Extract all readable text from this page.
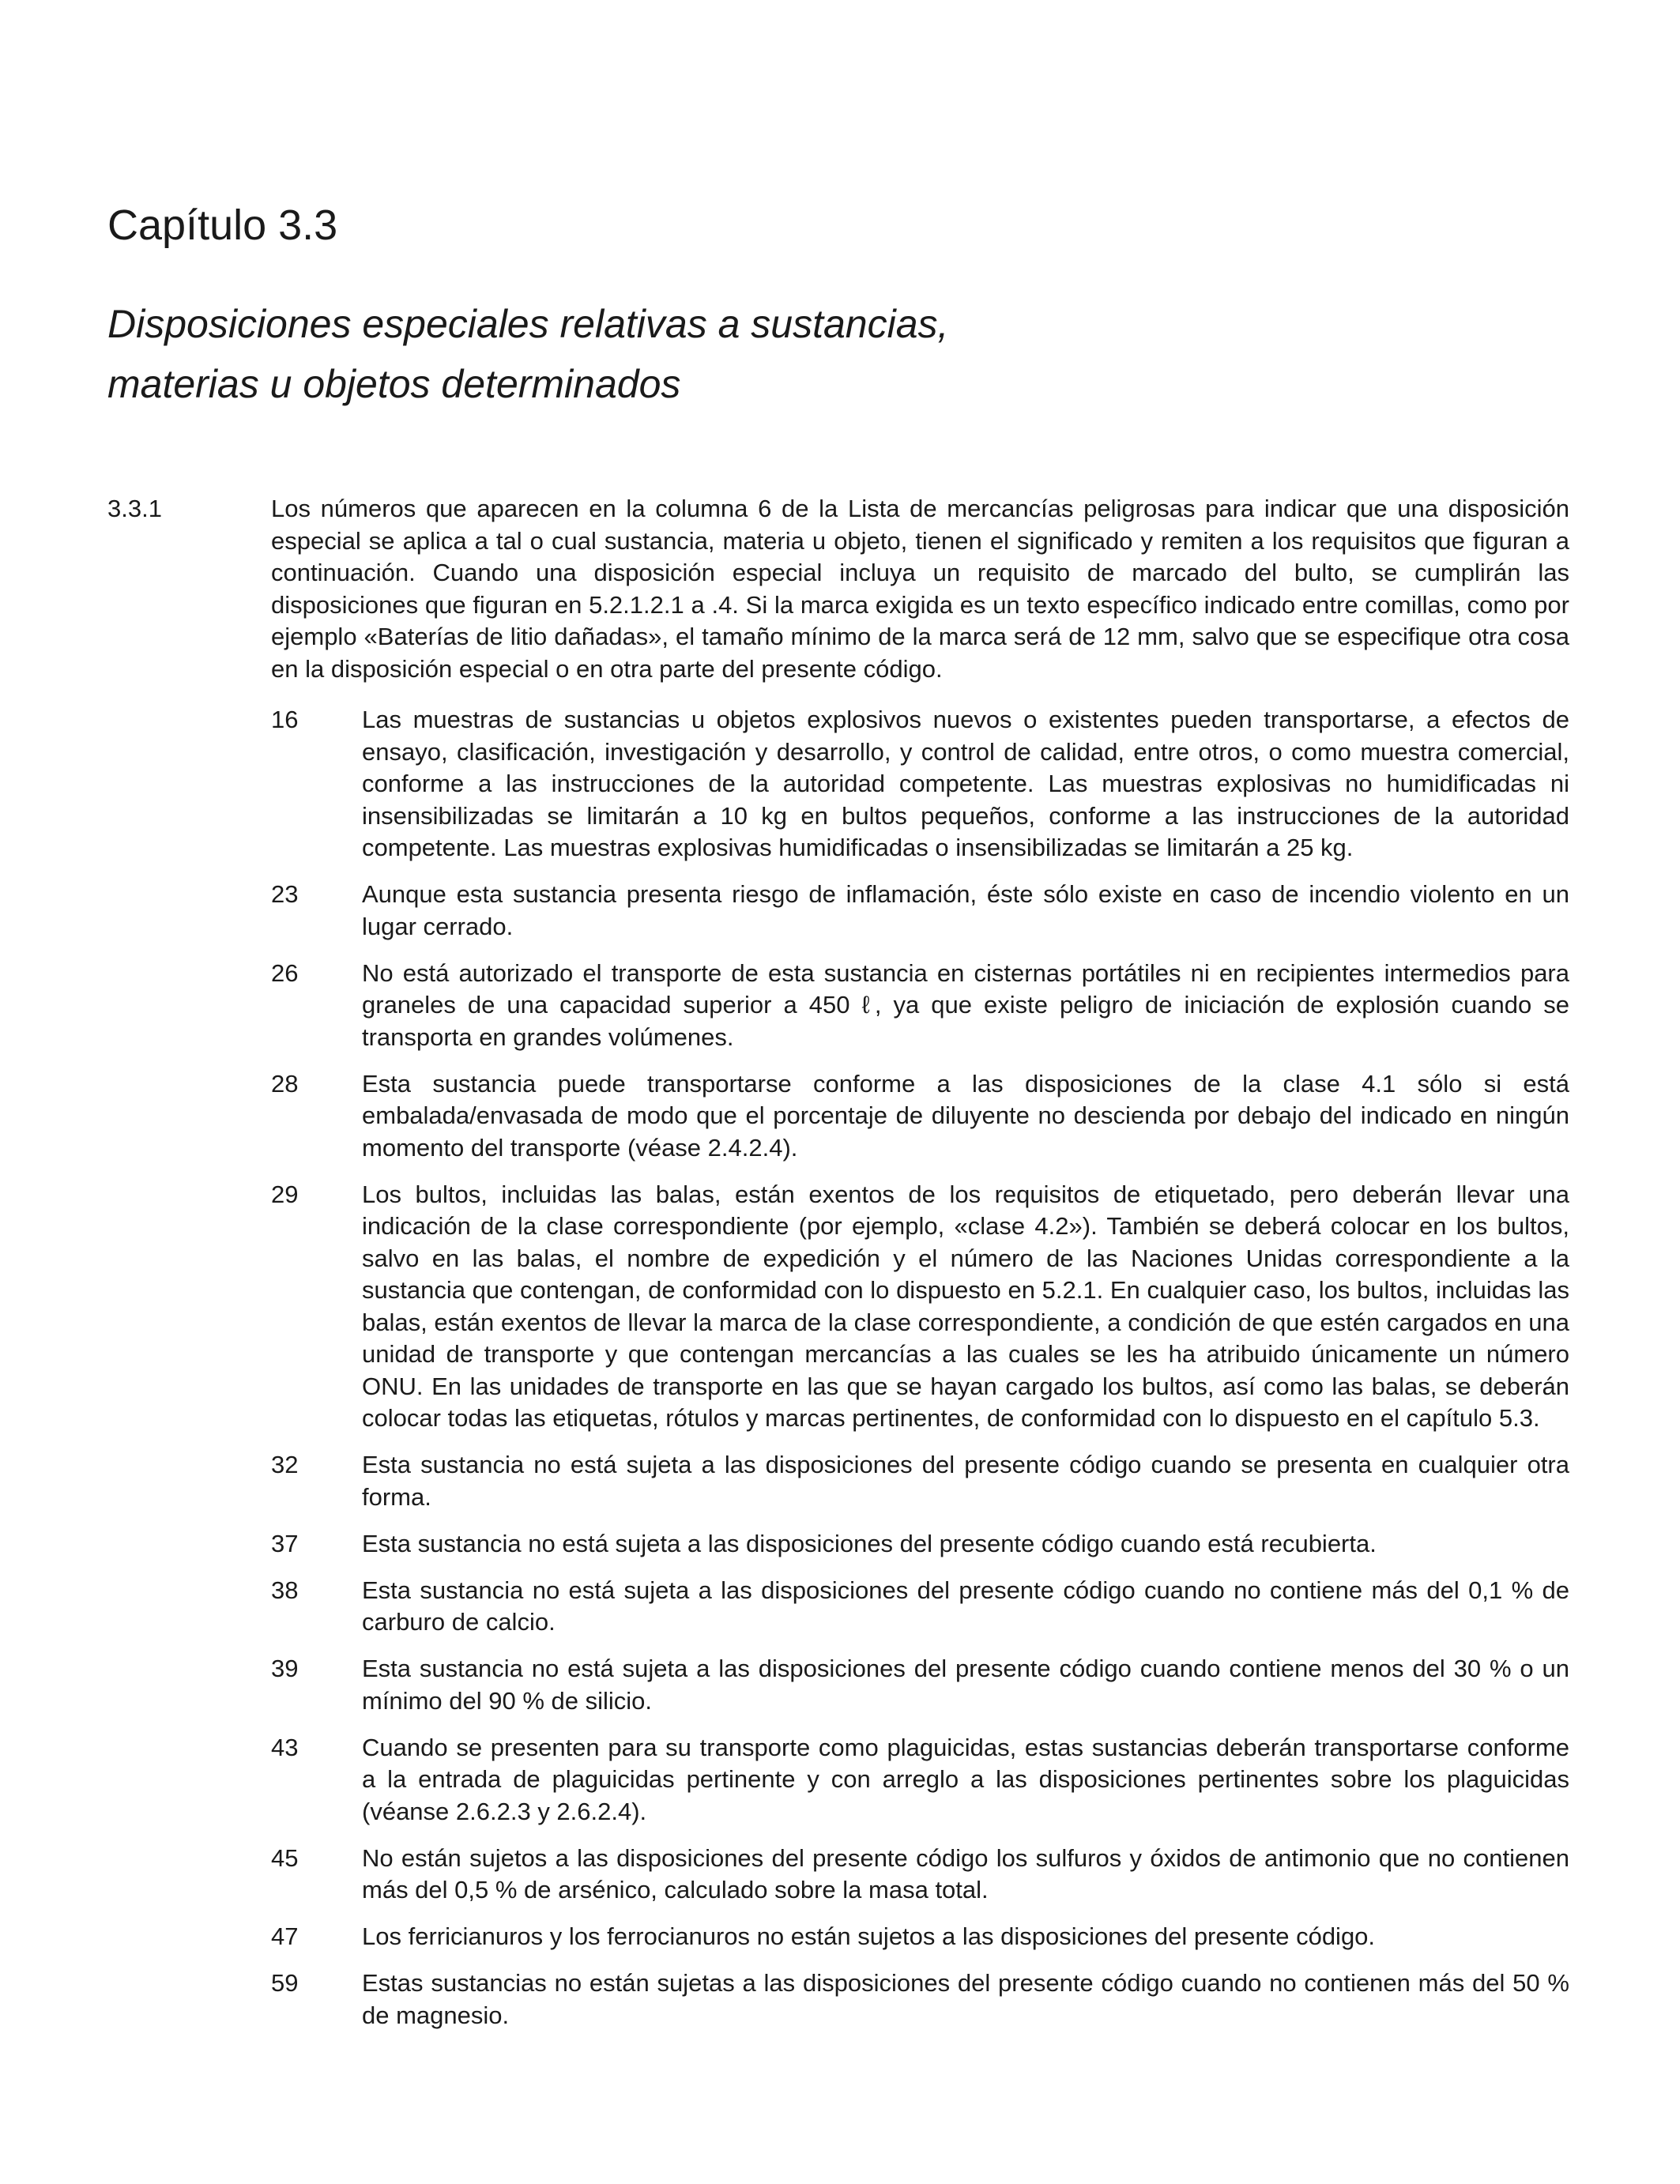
Capítulo 3.3
Disposiciones especiales relativas a sustancias,
materias u objetos determinados
3.3.1	Los números que aparecen en la columna 6 de la Lista de mercancías peligrosas para indicar que una disposición especial se aplica a tal o cual sustancia, materia u objeto, tienen el significado y remiten a los requisitos que figuran a continuación. Cuando una disposición especial incluya un requisito de marcado del bulto, se cumplirán las disposiciones que figuran en 5.2.1.2.1 a .4. Si la marca exigida es un texto específico indicado entre comillas, como por ejemplo «Baterías de litio dañadas», el tamaño mínimo de la marca será de 12 mm, salvo que se especifique otra cosa en la disposición especial o en otra parte del presente código.
16	Las muestras de sustancias u objetos explosivos nuevos o existentes pueden transportarse, a efectos de ensayo, clasificación, investigación y desarrollo, y control de calidad, entre otros, o como muestra comercial, conforme a las instrucciones de la autoridad competente. Las muestras explosivas no humidificadas ni insensibilizadas se limitarán a 10 kg en bultos pequeños, conforme a las instrucciones de la autoridad competente. Las muestras explosivas humidificadas o insensibilizadas se limitarán a 25 kg.
23	Aunque esta sustancia presenta riesgo de inflamación, éste sólo existe en caso de incendio violento en un lugar cerrado.
26	No está autorizado el transporte de esta sustancia en cisternas portátiles ni en recipientes intermedios para graneles de una capacidad superior a 450 ℓ, ya que existe peligro de iniciación de explosión cuando se transporta en grandes volúmenes.
28	Esta sustancia puede transportarse conforme a las disposiciones de la clase 4.1 sólo si está embalada/envasada de modo que el porcentaje de diluyente no descienda por debajo del indicado en ningún momento del transporte (véase 2.4.2.4).
29	Los bultos, incluidas las balas, están exentos de los requisitos de etiquetado, pero deberán llevar una indicación de la clase correspondiente (por ejemplo, «clase 4.2»). También se deberá colocar en los bultos, salvo en las balas, el nombre de expedición y el número de las Naciones Unidas correspondiente a la sustancia que contengan, de conformidad con lo dispuesto en 5.2.1. En cualquier caso, los bultos, incluidas las balas, están exentos de llevar la marca de la clase correspondiente, a condición de que estén cargados en una unidad de transporte y que contengan mercancías a las cuales se les ha atribuido únicamente un número ONU. En las unidades de transporte en las que se hayan cargado los bultos, así como las balas, se deberán colocar todas las etiquetas, rótulos y marcas pertinentes, de conformidad con lo dispuesto en el capítulo 5.3.
32	Esta sustancia no está sujeta a las disposiciones del presente código cuando se presenta en cualquier otra forma.
37	Esta sustancia no está sujeta a las disposiciones del presente código cuando está recubierta.
38	Esta sustancia no está sujeta a las disposiciones del presente código cuando no contiene más del 0,1 % de carburo de calcio.
39	Esta sustancia no está sujeta a las disposiciones del presente código cuando contiene menos del 30 % o un mínimo del 90 % de silicio.
43	Cuando se presenten para su transporte como plaguicidas, estas sustancias deberán transportarse conforme a la entrada de plaguicidas pertinente y con arreglo a las disposiciones pertinentes sobre los plaguicidas (véanse 2.6.2.3 y 2.6.2.4).
45	No están sujetos a las disposiciones del presente código los sulfuros y óxidos de antimonio que no contienen más del 0,5 % de arsénico, calculado sobre la masa total.
47	Los ferricianuros y los ferrocianuros no están sujetos a las disposiciones del presente código.
59	Estas sustancias no están sujetas a las disposiciones del presente código cuando no contienen más del 50 % de magnesio.
